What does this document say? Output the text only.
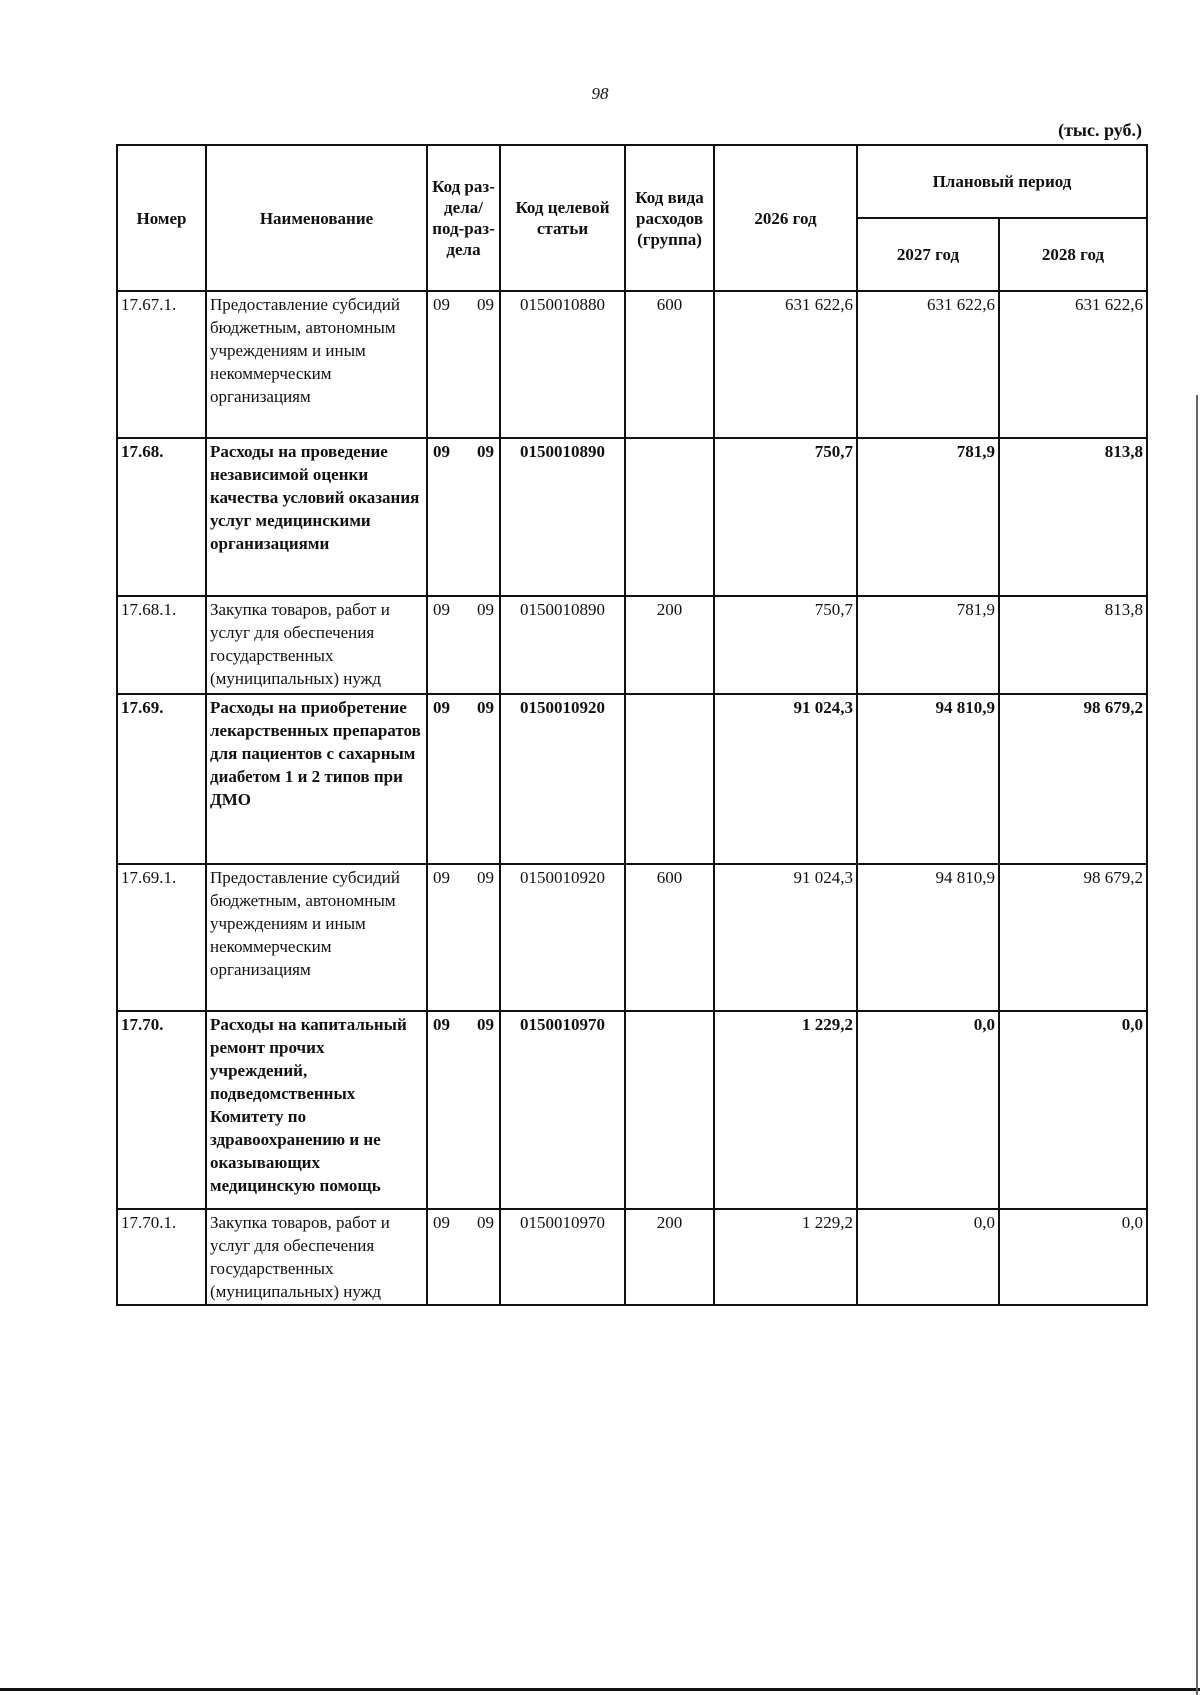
98
(тыс. руб.)
Номер	Наименование	Код раз-дела/ под-раз-дела	Код целевой статьи	Код вида расходов (группа)	2026 год	Плановый период	
						2027 год	2028 год
17.67.1.	Предоставление субсидий бюджетным, автономным учреждениям и иным некоммерческим организациям	09 09	0150010880	600	631 622,6	631 622,6	631 622,6
17.68.	Расходы на проведение независимой оценки качества условий оказания услуг медицинскими организациями	09 09	0150010890		750,7	781,9	813,8
17.68.1.	Закупка товаров, работ и услуг для обеспечения государственных (муниципальных) нужд	09 09	0150010890	200	750,7	781,9	813,8
17.69.	Расходы на приобретение лекарственных препаратов для пациентов с сахарным диабетом 1 и 2 типов при ДМО	09 09	0150010920		91 024,3	94 810,9	98 679,2
17.69.1.	Предоставление субсидий бюджетным, автономным учреждениям и иным некоммерческим организациям	09 09	0150010920	600	91 024,3	94 810,9	98 679,2
17.70.	Расходы на капитальный ремонт прочих учреждений, подведомственных Комитету по здравоохранению и не оказывающих медицинскую помощь	09 09	0150010970		1 229,2	0,0	0,0
17.70.1.	Закупка товаров, работ и услуг для обеспечения государственных (муниципальных) нужд	09 09	0150010970	200	1 229,2	0,0	0,0
